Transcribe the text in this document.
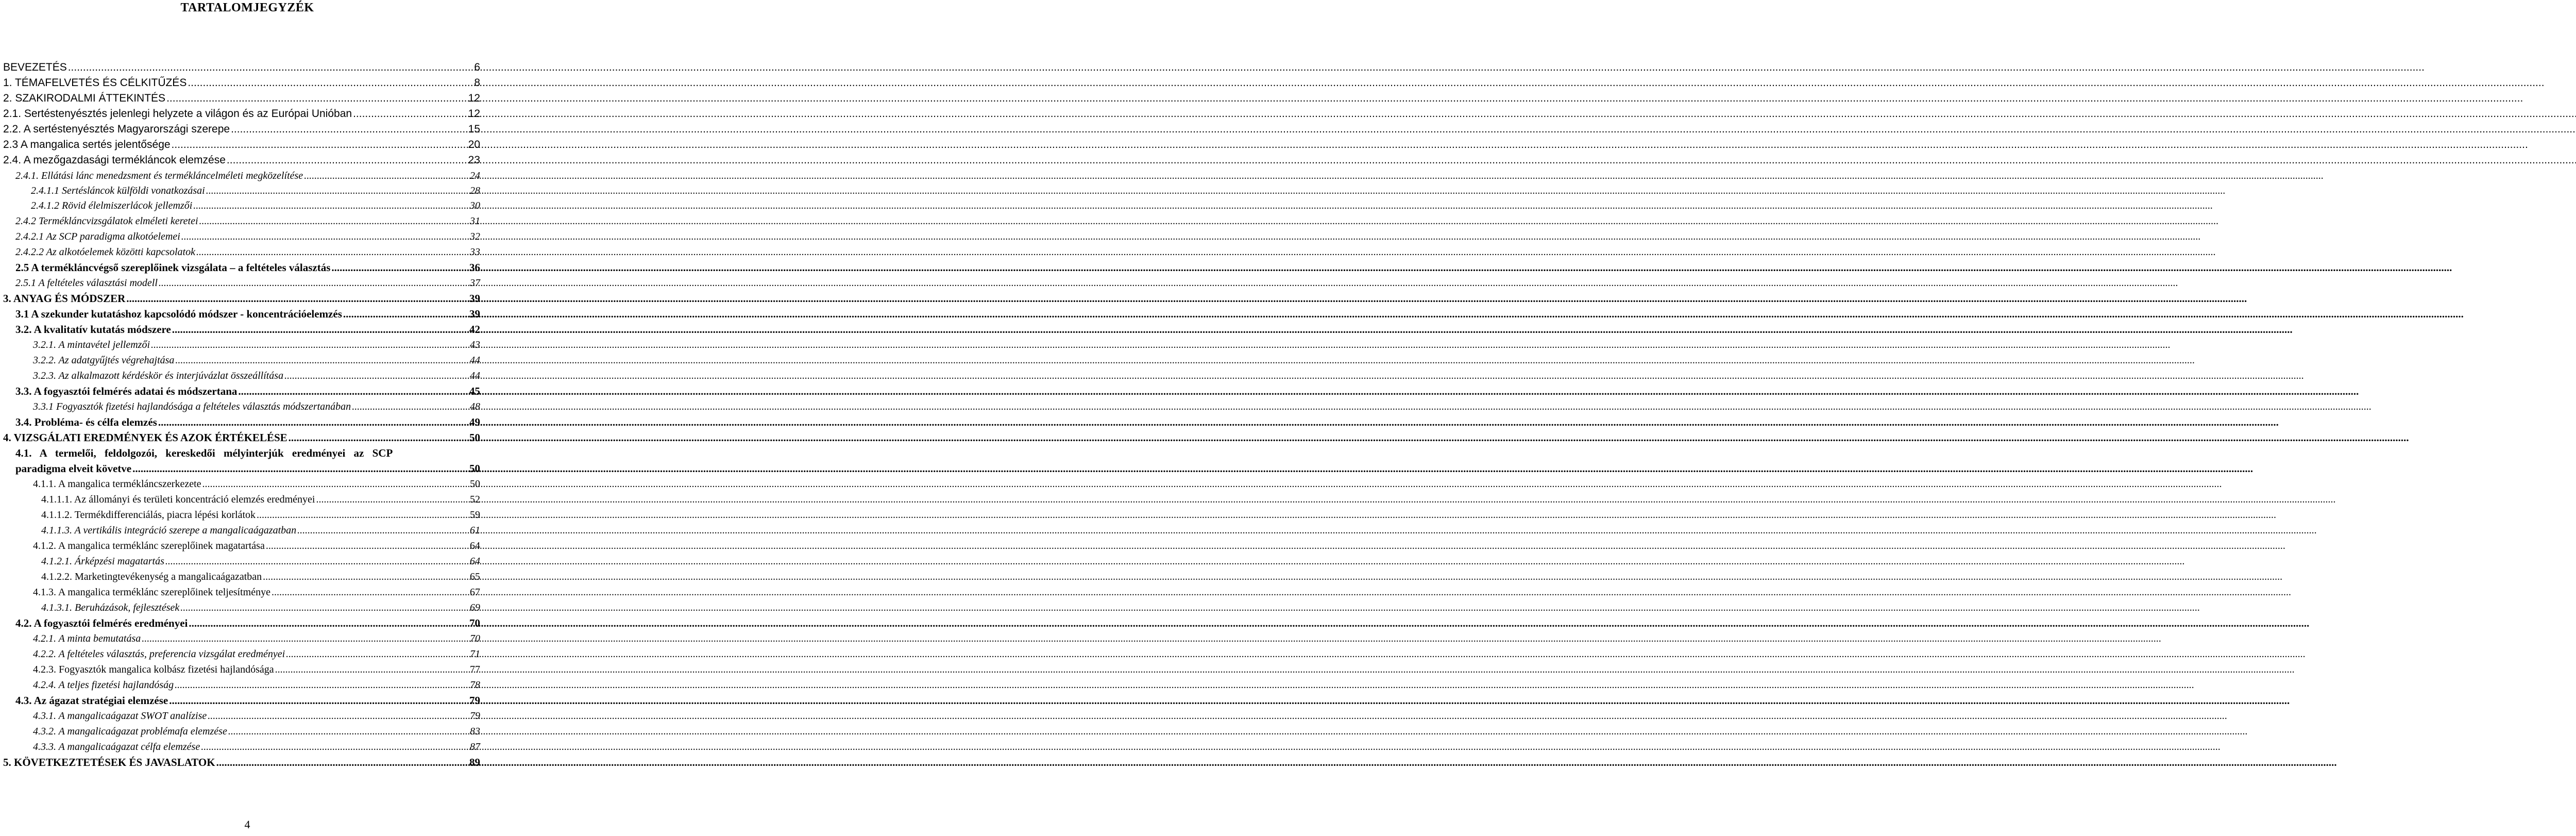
TARTALOMJEGYZÉK
BEVEZETÉS .....	6
1. TÉMAFELVETÉS ÉS CÉLKITŰZÉS .....	8
2. SZAKIRODALMI ÁTTEKINTÉS .....	12
2.1. Sertéstenyésztés jelenlegi helyzete a világon és az Európai Unióban .....	12
2.2. A sertéstenyésztés Magyarországi szerepe .....	15
2.3 A mangalica sertés jelentősége .....	20
2.4. A mezőgazdasági termékláncok elemzése .....	23
2.4.1. Ellátási lánc menedzsment és termékláncelméleti megközelítése .....	24
2.4.1.1 Sertésláncok külföldi vonatkozásai .....	28
2.4.1.2 Rövid élelmiszerlácok jellemzői .....	30
2.4.2 Termékláncvizsgálatok elméleti keretei .....	31
2.4.2.1 Az SCP paradigma alkotóelemei .....	32
2.4.2.2 Az alkotóelemek közötti kapcsolatok .....	33
2.5 A termékláncvégső szereplőinek vizsgálata – a feltételes választás .....	36
2.5.1 A feltételes választási modell .....	37
3. ANYAG ÉS MÓDSZER .....	39
3.1 A szekunder kutatáshoz kapcsolódó módszer - koncentrációelemzés .....	39
3.2. A kvalitatív kutatás módszere .....	42
3.2.1. A mintavétel jellemzői .....	43
3.2.2. Az adatgyűjtés végrehajtása .....	44
3.2.3. Az alkalmazott kérdéskör és interjúvázlat összeállítása .....	44
3.3. A fogyasztói felmérés adatai és módszertana .....	45
3.3.1 Fogyasztók fizetési hajlandósága a feltételes választás módszertanában .....	48
3.4. Probléma- és célfa elemzés .....	49
4. VIZSGÁLATI EREDMÉNYEK ÉS AZOK ÉRTÉKELÉSE .....	50
4.1. A termelői, feldolgozói, kereskedői mélyinterjúk eredményei az SCP
paradigma elveit követve .....	50
4.1.1. A mangalica termékláncszerkezete .....	50
4.1.1.1. Az állományi és területi koncentráció elemzés eredményei .....	52
4.1.1.2. Termékdifferenciálás, piacra lépési korlátok .....	59
4.1.1.3. A vertikális integráció szerepe a mangalicaágazatban .....	61
4.1.2. A mangalica terméklánc szereplőinek magatartása .....	64
4.1.2.1. Árképzési magatartás .....	64
4.1.2.2. Marketingtevékenység a mangalicaágazatban .....	65
4.1.3. A mangalica terméklánc szereplőinek teljesítménye .....	67
4.1.3.1. Beruházások, fejlesztések .....	69
4.2. A fogyasztói felmérés eredményei .....	70
4.2.1. A minta bemutatása .....	70
4.2.2. A feltételes választás, preferencia vizsgálat eredményei .....	71
4.2.3. Fogyasztók mangalica kolbász fizetési hajlandósága .....	77
4.2.4. A teljes fizetési hajlandóság .....	78
4.3. Az ágazat stratégiai elemzése .....	79
4.3.1. A mangalicaágazat SWOT analízise .....	79
4.3.2. A mangalicaágazat problémafa elemzése .....	83
4.3.3. A mangalicaágazat célfa elemzése .....	87
5. KÖVETKEZTETÉSEK ÉS JAVASLATOK .....	89
4
